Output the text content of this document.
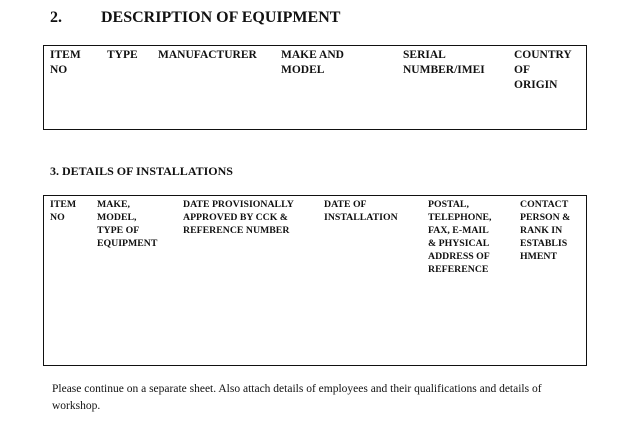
2. DESCRIPTION OF EQUIPMENT
ITEM
NO
TYPE MANUFACTURER MAKE AND
MODEL
SERIAL
NUMBER/IMEI
COUNTRY
OF
ORIGIN
3. DETAILS OF INSTALLATIONS
ITEM
NO
MAKE,
MODEL,
TYPE OF
EQUIPMENT
DATE PROVISIONALLY
APPROVED BY CCK &
REFERENCE NUMBER
DATE OF
INSTALLATION
POSTAL,
TELEPHONE,
FAX, E-MAIL
& PHYSICAL
ADDRESS OF
REFERENCE
CONTACT
PERSON &
RANK IN
ESTABLIS
HMENT
Please continue on a separate sheet. Also attach details of employees and their qualifications and details of workshop.
